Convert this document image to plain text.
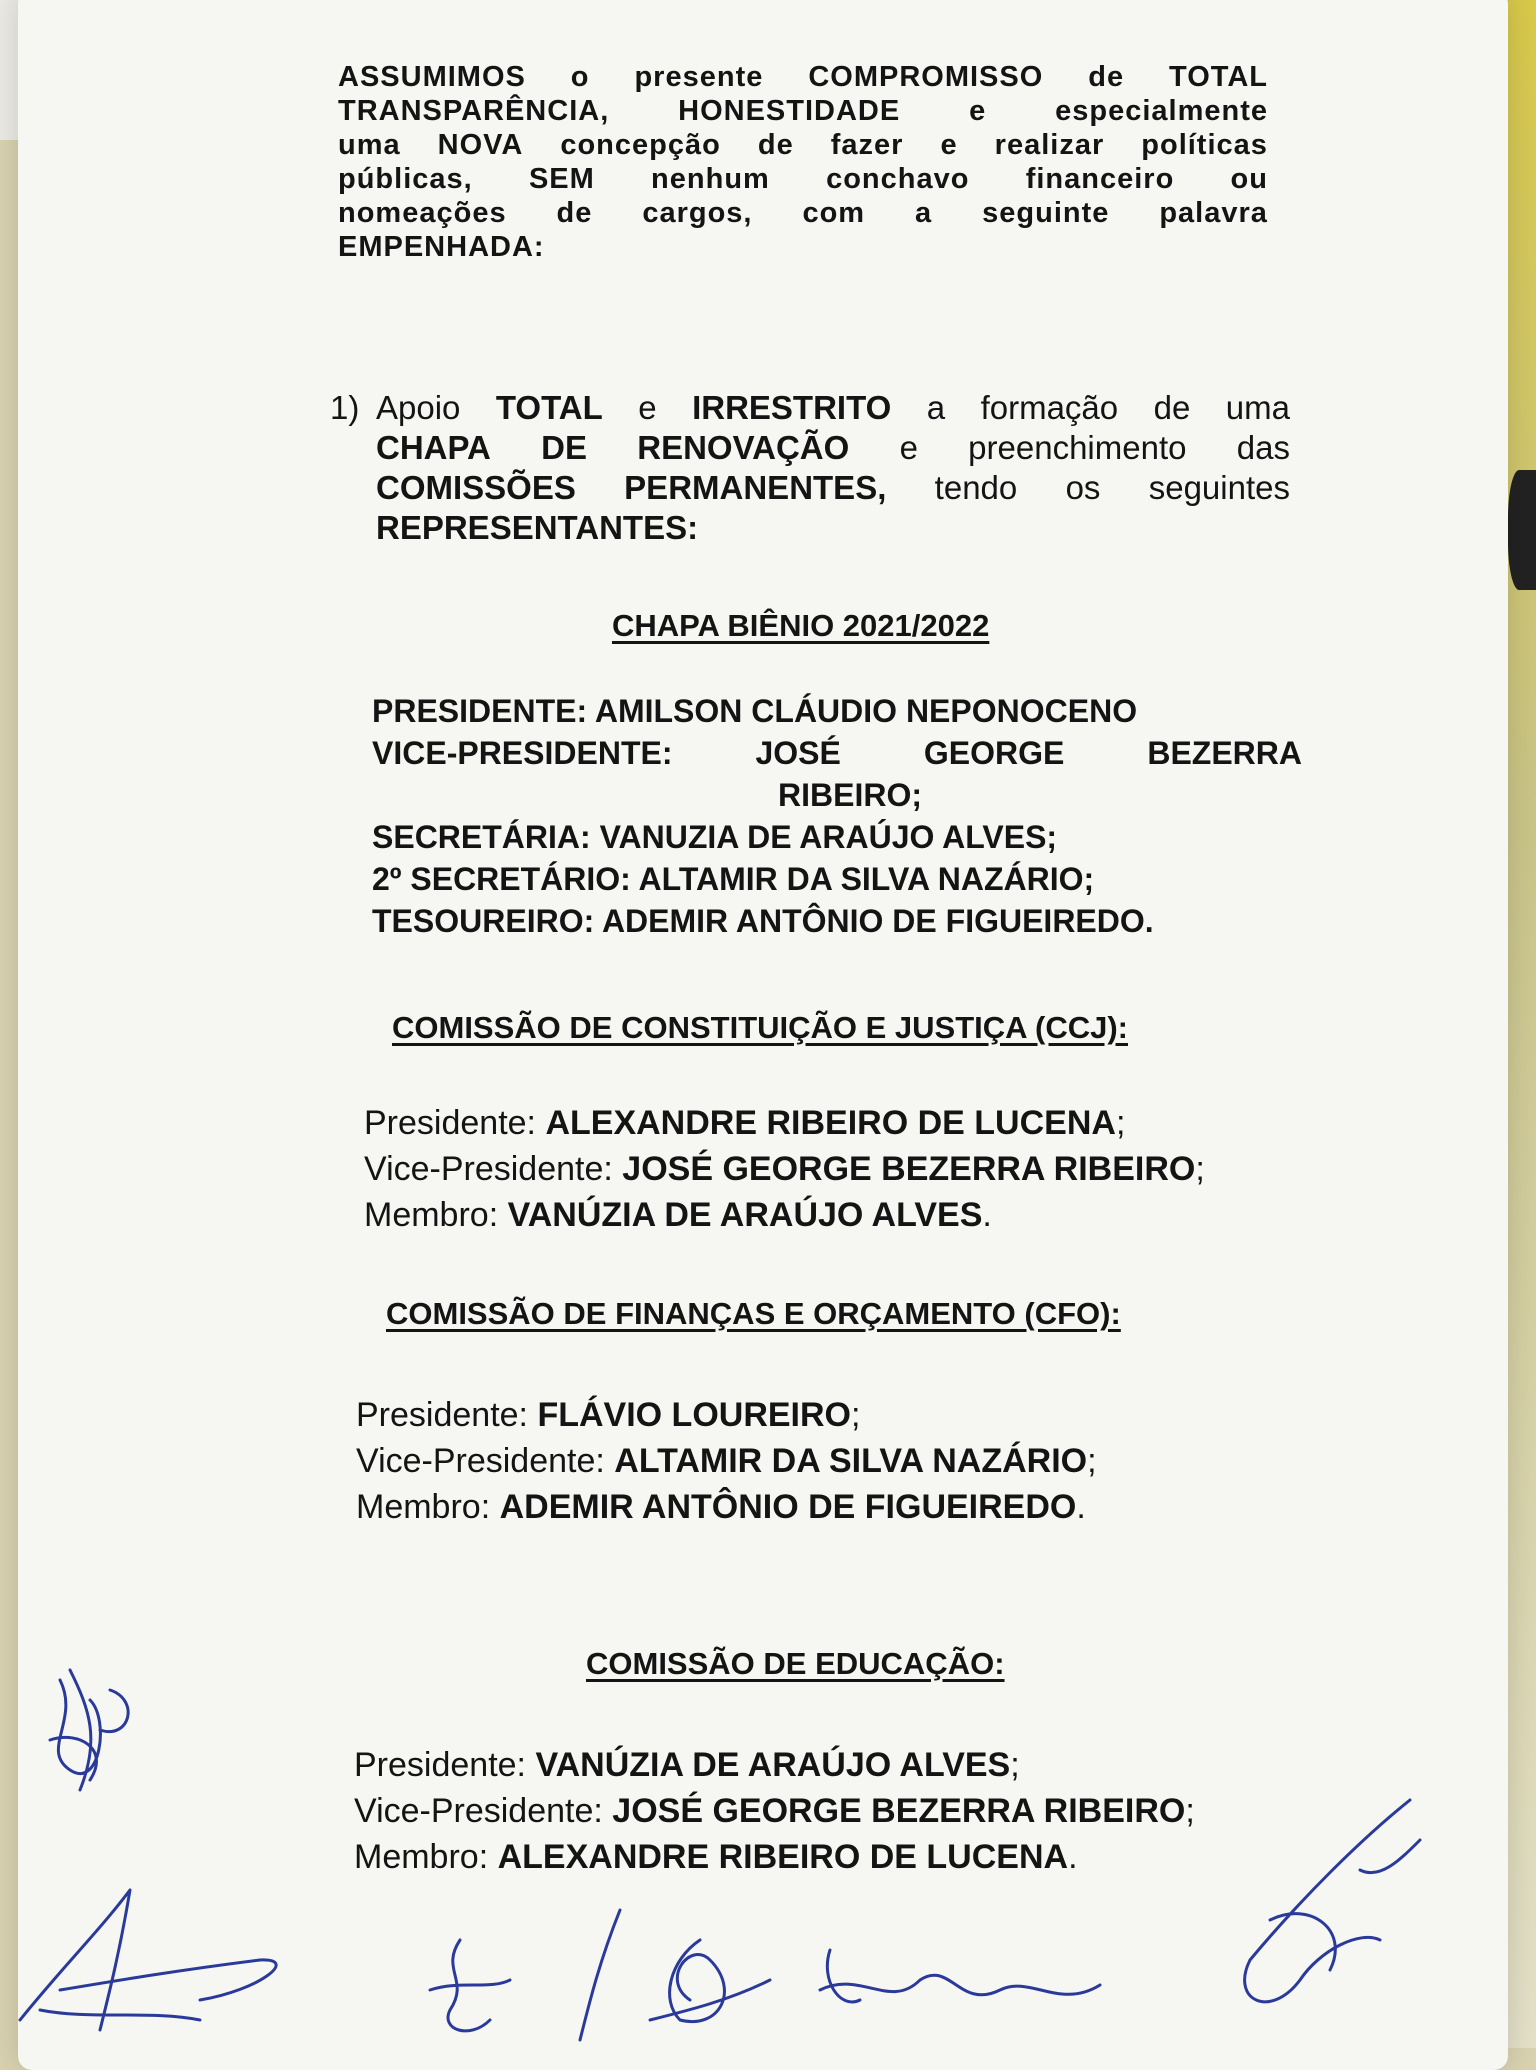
ASSUMIMOS o presente COMPROMISSO de TOTAL
TRANSPARÊNCIA, HONESTIDADE e especialmente
uma NOVA concepção de fazer e realizar políticas
públicas, SEM nenhum conchavo financeiro ou
nomeações de cargos, com a seguinte palavra
EMPENHADA:
1) Apoio TOTAL e IRRESTRITO a formação de uma
CHAPA DE RENOVAÇÃO e preenchimento das
COMISSÕES PERMANENTES, tendo os seguintes
REPRESENTANTES:
CHAPA BIÊNIO 2021/2022
PRESIDENTE: AMILSON CLÁUDIO NEPONOCENO
VICE-PRESIDENTE:	JOSÉ	GEORGE	BEZERRA
RIBEIRO;
SECRETÁRIA: VANUZIA DE ARAÚJO ALVES;
2º SECRETÁRIO: ALTAMIR DA SILVA NAZÁRIO;
TESOUREIRO: ADEMIR ANTÔNIO DE FIGUEIREDO.
COMISSÃO DE CONSTITUIÇÃO E JUSTIÇA (CCJ):
Presidente: ALEXANDRE RIBEIRO DE LUCENA;
Vice-Presidente: JOSÉ GEORGE BEZERRA RIBEIRO;
Membro: VANÚZIA DE ARAÚJO ALVES.
COMISSÃO DE FINANÇAS E ORÇAMENTO (CFO):
Presidente: FLÁVIO LOUREIRO;
Vice-Presidente: ALTAMIR DA SILVA NAZÁRIO;
Membro: ADEMIR ANTÔNIO DE FIGUEIREDO.
COMISSÃO DE EDUCAÇÃO:
Presidente: VANÚZIA DE ARAÚJO ALVES;
Vice-Presidente: JOSÉ GEORGE BEZERRA RIBEIRO;
Membro: ALEXANDRE RIBEIRO DE LUCENA.
